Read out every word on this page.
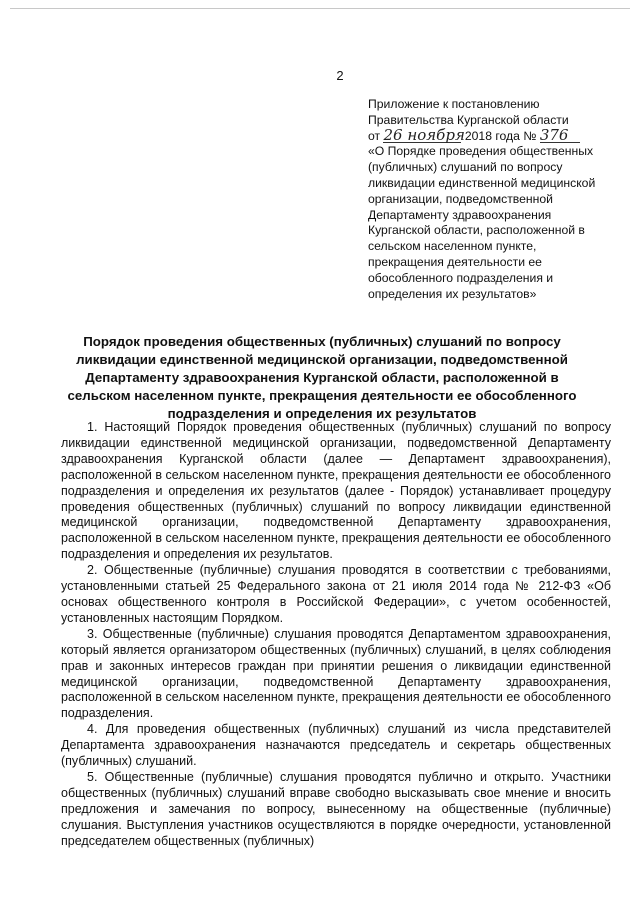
2
Приложение к постановлению
Правительства Курганской области
от 26 ноября 2018 года № 376
«О Порядке проведения общественных
(публичных) слушаний по вопросу
ликвидации единственной медицинской
организации, подведомственной
Департаменту здравоохранения
Курганской области, расположенной в
сельском населенном пункте,
прекращения деятельности ее
обособленного подразделения и
определения их результатов»
Порядок проведения общественных (публичных) слушаний по вопросу ликвидации единственной медицинской организации, подведомственной Департаменту здравоохранения Курганской области, расположенной в сельском населенном пункте, прекращения деятельности ее обособленного подразделения и определения их результатов

1. Настоящий Порядок проведения общественных (публичных) слушаний по вопросу ликвидации единственной медицинской организации, подведомственной Департаменту здравоохранения Курганской области (далее — Департамент здравоохранения), расположенной в сельском населенном пункте, прекращения деятельности ее обособленного подразделения и определения их результатов (далее - Порядок) устанавливает процедуру проведения общественных (публичных) слушаний по вопросу ликвидации единственной медицинской организации, подведомственной Департаменту здравоохранения, расположенной в сельском населенном пункте, прекращения деятельности ее обособленного подразделения и определения их результатов.

2. Общественные (публичные) слушания проводятся в соответствии с требованиями, установленными статьей 25 Федерального закона от 21 июля 2014 года № 212-ФЗ «Об основах общественного контроля в Российской Федерации», с учетом особенностей, установленных настоящим Порядком.

3. Общественные (публичные) слушания проводятся Департаментом здравоохранения, который является организатором общественных (публичных) слушаний, в целях соблюдения прав и законных интересов граждан при принятии решения о ликвидации единственной медицинской организации, подведомственной Департаменту здравоохранения, расположенной в сельском населенном пункте, прекращения деятельности ее обособленного подразделения.

4. Для проведения общественных (публичных) слушаний из числа представителей Департамента здравоохранения назначаются председатель и секретарь общественных (публичных) слушаний.

5. Общественные (публичные) слушания проводятся публично и открыто. Участники общественных (публичных) слушаний вправе свободно высказывать свое мнение и вносить предложения и замечания по вопросу, вынесенному на общественные (публичные) слушания. Выступления участников осуществляются в порядке очередности, установленной председателем общественных (публичных)
